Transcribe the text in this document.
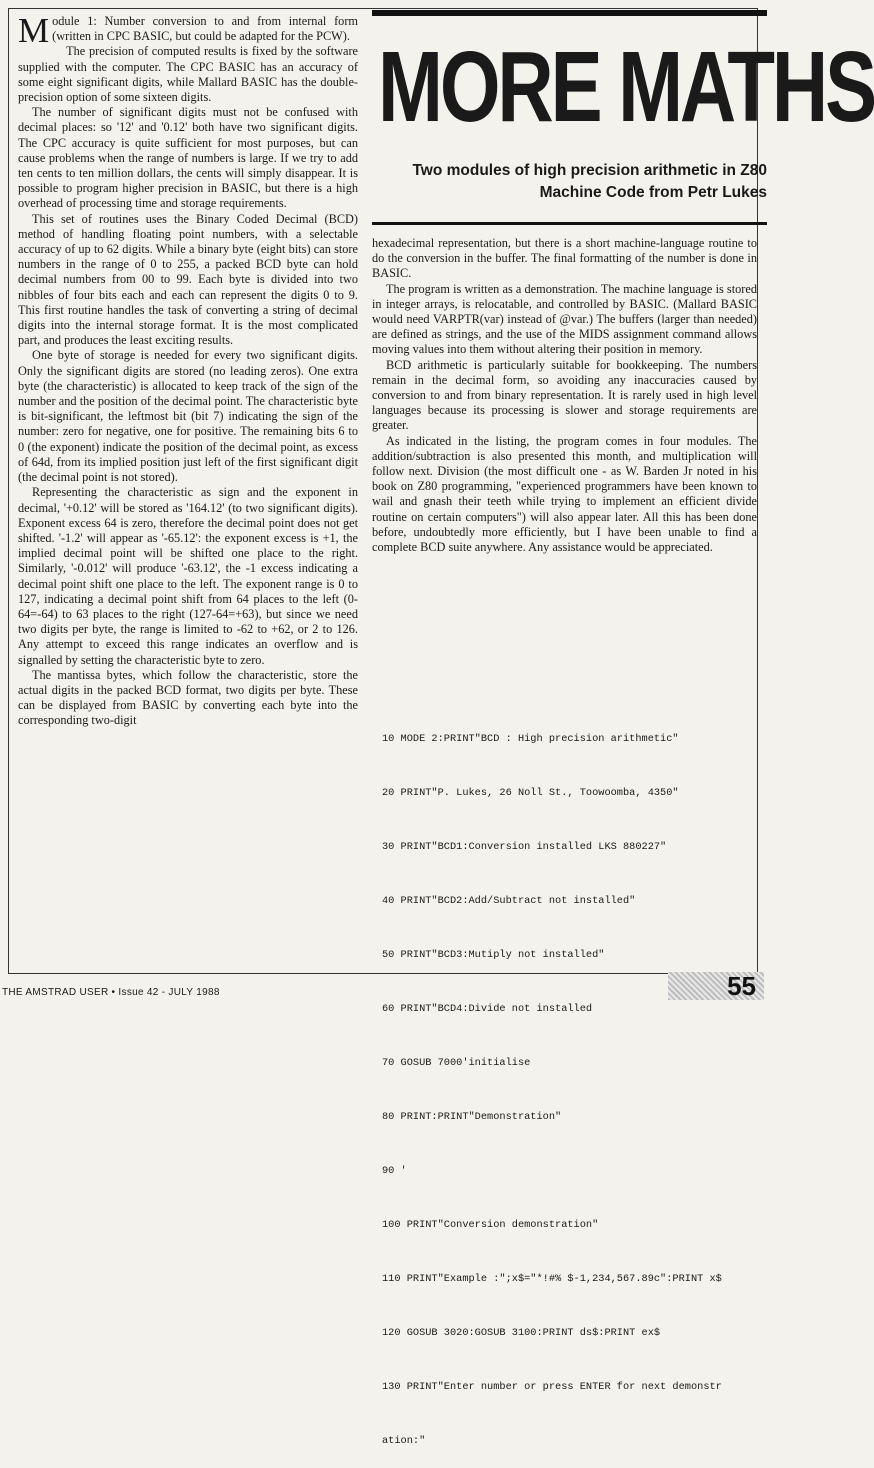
Module 1: Number conversion to and from internal form (written in CPC BASIC, but could be adapted for the PCW).

The precision of computed results is fixed by the software supplied with the computer. The CPC BASIC has an accuracy of some eight significant digits, while Mallard BASIC has the double-precision option of some sixteen digits.

The number of significant digits must not be confused with decimal places: so '12' and '0.12' both have two significant digits. The CPC accuracy is quite sufficient for most purposes, but can cause problems when the range of numbers is large. If we try to add ten cents to ten million dollars, the cents will simply disappear. It is possible to program higher precision in BASIC, but there is a high overhead of processing time and storage requirements.

This set of routines uses the Binary Coded Decimal (BCD) method of handling floating point numbers, with a selectable accuracy of up to 62 digits. While a binary byte (eight bits) can store numbers in the range of 0 to 255, a packed BCD byte can hold decimal numbers from 00 to 99. Each byte is divided into two nibbles of four bits each and each can represent the digits 0 to 9. This first routine handles the task of converting a string of decimal digits into the internal storage format. It is the most complicated part, and produces the least exciting results.

One byte of storage is needed for every two significant digits. Only the significant digits are stored (no leading zeros). One extra byte (the characteristic) is allocated to keep track of the sign of the number and the position of the decimal point. The characteristic byte is bit-significant, the leftmost bit (bit 7) indicating the sign of the number: zero for negative, one for positive. The remaining bits 6 to 0 (the exponent) indicate the position of the decimal point, as excess of 64d, from its implied position just left of the first significant digit (the decimal point is not stored).

Representing the characteristic as sign and the exponent in decimal, '+0.12' will be stored as '164.12' (to two significant digits). Exponent excess 64 is zero, therefore the decimal point does not get shifted. '-1.2' will appear as '-65.12': the exponent excess is +1, the implied decimal point will be shifted one place to the right. Similarly, '-0.012' will produce '-63.12', the -1 excess indicating a decimal point shift one place to the left. The exponent range is 0 to 127, indicating a decimal point shift from 64 places to the left (0-64=-64) to 63 places to the right (127-64=+63), but since we need two digits per byte, the range is limited to -62 to +62, or 2 to 126. Any attempt to exceed this range indicates an overflow and is signalled by setting the characteristic byte to zero.

The mantissa bytes, which follow the characteristic, store the actual digits in the packed BCD format, two digits per byte. These can be displayed from BASIC by converting each byte into the corresponding two-digit

MORE MATHS
Two modules of high precision arithmetic in Z80
Machine Code from Petr Lukes

hexadecimal representation, but there is a short machine-language routine to do the conversion in the buffer. The final formatting of the number is done in BASIC.

The program is written as a demonstration. The machine language is stored in integer arrays, is relocatable, and controlled by BASIC. (Mallard BASIC would need VARPTR(var) instead of @var.) The buffers (larger than needed) are defined as strings, and the use of the MIDS assignment command allows moving values into them without altering their position in memory.

BCD arithmetic is particularly suitable for bookkeeping. The numbers remain in the decimal form, so avoiding any inaccuracies caused by conversion to and from binary representation. It is rarely used in high level languages because its processing is slower and storage requirements are greater.

As indicated in the listing, the program comes in four modules. The addition/subtraction is also presented this month, and multiplication will follow next. Division (the most difficult one - as W. Barden Jr noted in his book on Z80 programming, "experienced programmers have been known to wail and gnash their teeth while trying to implement an efficient divide routine on certain computers") will also appear later. All this has been done before, undoubtedly more efficiently, but I have been unable to find a complete BCD suite anywhere. Any assistance would be appreciated.

10 MODE 2:PRINT"BCD : High precision arithmetic"

20 PRINT"P. Lukes, 26 Noll St., Toowoomba, 4350"

30 PRINT"BCD1:Conversion installed LKS 880227"

40 PRINT"BCD2:Add/Subtract not installed"

50 PRINT"BCD3:Mutiply not installed"

60 PRINT"BCD4:Divide not installed

70 GOSUB 7000'initialise

80 PRINT:PRINT"Demonstration"

90 '

100 PRINT"Conversion demonstration"

110 PRINT"Example :";x$="*!#% $-1,234,567.89c":PRINT x$

120 GOSUB 3020:GOSUB 3100:PRINT ds$:PRINT ex$

130 PRINT"Enter number or press ENTER for next demonstr

ation:"

THE AMSTRAD USER • Issue 42 - JULY 1988	55
